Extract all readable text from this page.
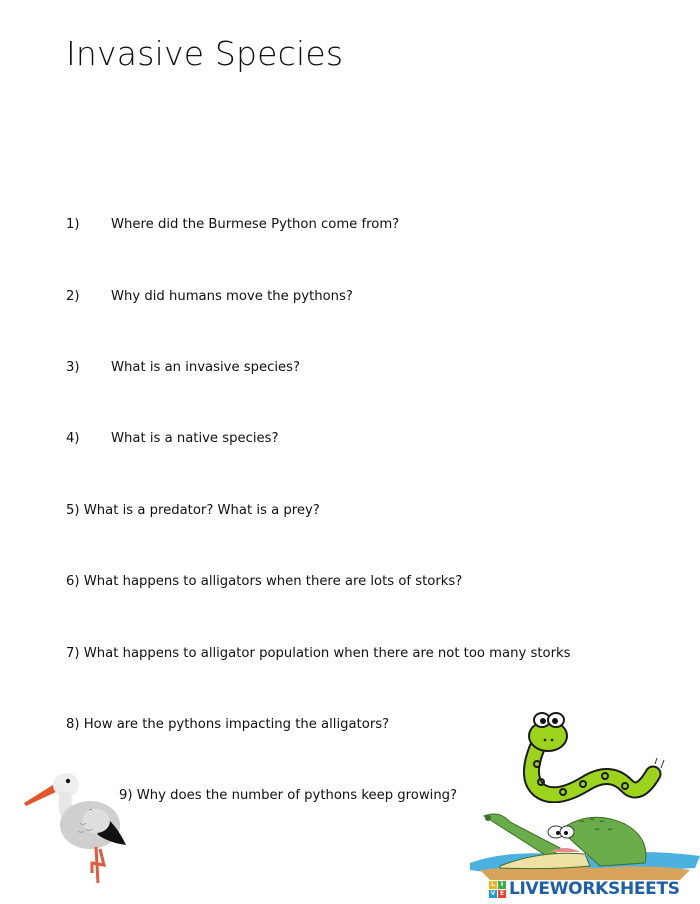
Invasive Species
1) Where did the Burmese Python come from?
2) Why did humans move the pythons?
3) What is an invasive species?
4) What is a native species?
5) What is a predator? What is a prey?
6) What happens to alligators when there are lots of storks?
7) What happens to alligator population when there are not too many storks
8) How are the pythons impacting the alligators?
9) Why does the number of pythons keep growing?
L I
V E LIVEWORKSHEETS
